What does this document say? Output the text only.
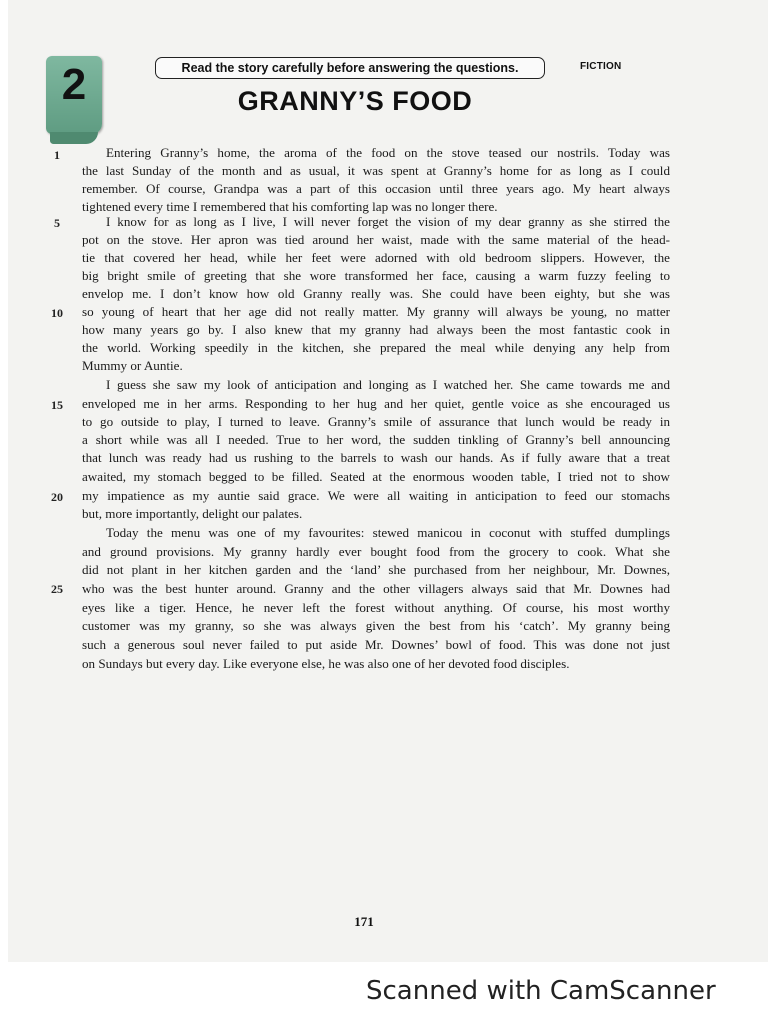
2	Read the story carefully before answering the questions.	FICTION
GRANNY’S FOOD
1
5
10
15
20
25
Entering Granny’s home, the aroma of the food on the stove teased our nostrils. Today was
the last Sunday of the month and as usual, it was spent at Granny’s home for as long as I could
remember. Of course, Grandpa was a part of this occasion until three years ago. My heart always
tightened every time I remembered that his comforting lap was no longer there.
I know for as long as I live, I will never forget the vision of my dear granny as she stirred the
pot on the stove. Her apron was tied around her waist, made with the same material of the head-
tie that covered her head, while her feet were adorned with old bedroom slippers. However, the
big bright smile of greeting that she wore transformed her face, causing a warm fuzzy feeling to
envelop me. I don’t know how old Granny really was. She could have been eighty, but she was
so young of heart that her age did not really matter. My granny will always be young, no matter
how many years go by. I also knew that my granny had always been the most fantastic cook in
the world. Working speedily in the kitchen, she prepared the meal while denying any help from
Mummy or Auntie.
I guess she saw my look of anticipation and longing as I watched her. She came towards me and
enveloped me in her arms. Responding to her hug and her quiet, gentle voice as she encouraged us
to go outside to play, I turned to leave. Granny’s smile of assurance that lunch would be ready in
a short while was all I needed. True to her word, the sudden tinkling of Granny’s bell announcing
that lunch was ready had us rushing to the barrels to wash our hands. As if fully aware that a treat
awaited, my stomach begged to be filled. Seated at the enormous wooden table, I tried not to show
my impatience as my auntie said grace. We were all waiting in anticipation to feed our stomachs
but, more importantly, delight our palates.
Today the menu was one of my favourites: stewed manicou in coconut with stuffed dumplings
and ground provisions. My granny hardly ever bought food from the grocery to cook. What she
did not plant in her kitchen garden and the ‘land’ she purchased from her neighbour, Mr. Downes,
who was the best hunter around. Granny and the other villagers always said that Mr. Downes had
eyes like a tiger. Hence, he never left the forest without anything. Of course, his most worthy
customer was my granny, so she was always given the best from his ‘catch’. My granny being
such a generous soul never failed to put aside Mr. Downes’ bowl of food. This was done not just
on Sundays but every day. Like everyone else, he was also one of her devoted food disciples.
171
Scanned with CamScanner
